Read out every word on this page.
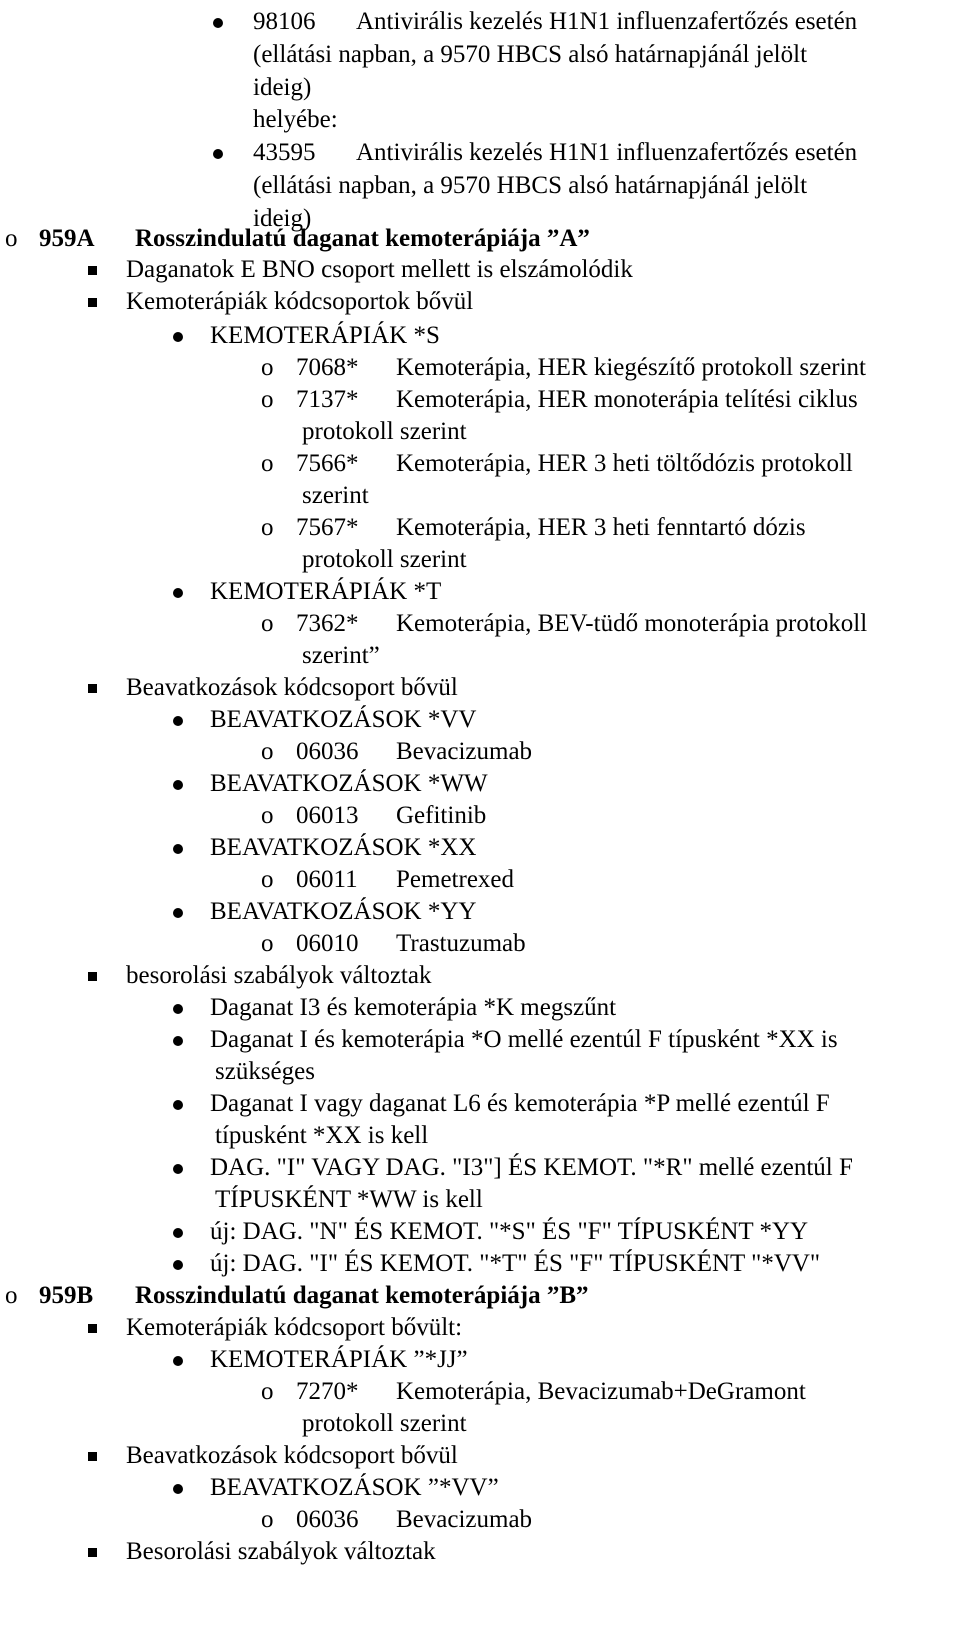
98106 Antivirális kezelés H1N1 influenzafertőzés esetén
(ellátási napban, a 9570 HBCS alsó határnapjánál jelölt
ideig)
helyébe:
43595 Antivirális kezelés H1N1 influenzafertőzés esetén
(ellátási napban, a 9570 HBCS alsó határnapjánál jelölt
ideig)
o 959A Rosszindulatú daganat kemoterápiája ”A”
Daganatok E BNO csoport mellett is elszámolódik
Kemoterápiák kódcsoportok bővül
KEMOTERÁPIÁK *S
o 7068* Kemoterápia, HER kiegészítő protokoll szerint
o 7137* Kemoterápia, HER monoterápia telítési ciklus
protokoll szerint
o 7566* Kemoterápia, HER 3 heti töltődózis protokoll
szerint
o 7567* Kemoterápia, HER 3 heti fenntartó dózis
protokoll szerint
KEMOTERÁPIÁK *T
o 7362* Kemoterápia, BEV-tüdő monoterápia protokoll
szerint”
Beavatkozások kódcsoport bővül
BEAVATKOZÁSOK *VV
o 06036 Bevacizumab
BEAVATKOZÁSOK *WW
o 06013 Gefitinib
BEAVATKOZÁSOK *XX
o 06011 Pemetrexed
BEAVATKOZÁSOK *YY
o 06010 Trastuzumab
besorolási szabályok változtak
Daganat I3 és kemoterápia *K megszűnt
Daganat I és kemoterápia *O mellé ezentúl F típusként *XX is
szükséges
Daganat I vagy daganat L6 és kemoterápia *P mellé ezentúl F
típusként *XX is kell
DAG. "I" VAGY DAG. "I3"] ÉS KEMOT. "*R" mellé ezentúl F
TÍPUSKÉNT *WW is kell
új: DAG. "N" ÉS KEMOT. "*S" ÉS "F" TÍPUSKÉNT *YY
új: DAG. "I" ÉS KEMOT. "*T" ÉS "F" TÍPUSKÉNT "*VV"
o 959B Rosszindulatú daganat kemoterápiája ”B”
Kemoterápiák kódcsoport bővült:
KEMOTERÁPIÁK ”*JJ”
o 7270* Kemoterápia, Bevacizumab+DeGramont
protokoll szerint
Beavatkozások kódcsoport bővül
BEAVATKOZÁSOK ”*VV”
o 06036 Bevacizumab
Besorolási szabályok változtak
